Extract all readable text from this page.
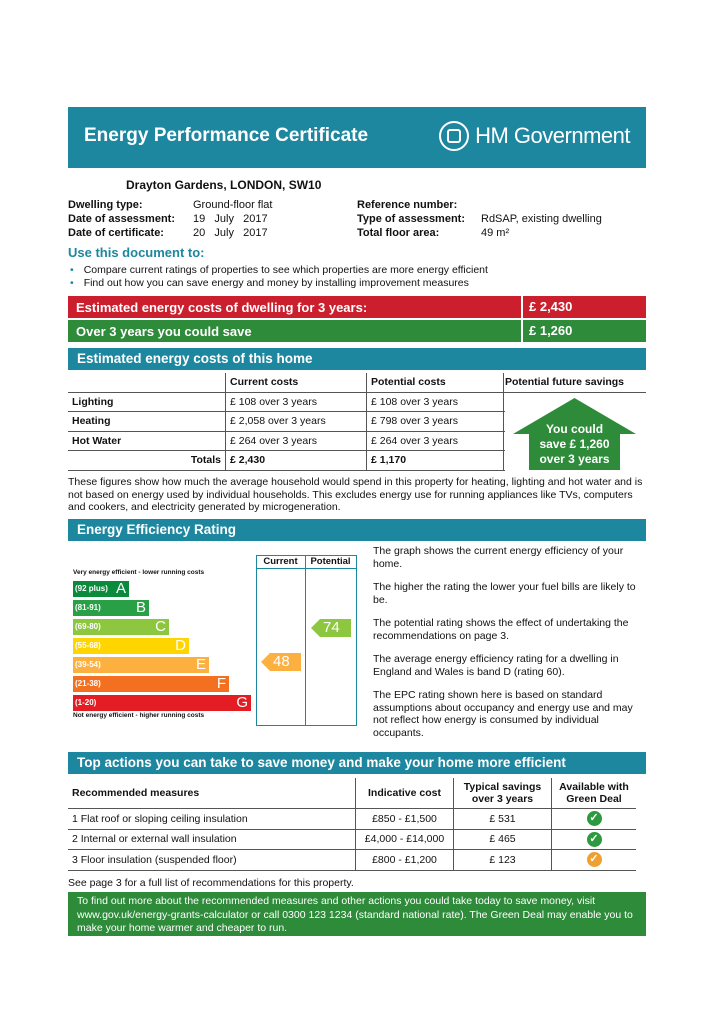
Energy Performance Certificate	HM Government
Drayton Gardens, LONDON, SW10
Dwelling type:	Ground-floor flat
Date of assessment:	19   July   2017
Date of certificate:	20   July   2017
Reference number:
Type of assessment:	RdSAP, existing dwelling
Total floor area:	49 m²
Use this document to:
• Compare current ratings of properties to see which properties are more energy efficient
• Find out how you can save energy and money by installing improvement measures
Estimated energy costs of dwelling for 3 years:	£ 2,430
Over 3 years you could save	£ 1,260
Estimated energy costs of this home
	Current costs	Potential costs
Lighting	£ 108 over 3 years	£ 108 over 3 years
Heating	£ 2,058 over 3 years	£ 798 over 3 years
Hot Water	£ 264 over 3 years	£ 264 over 3 years
Totals	£ 2,430	£ 1,170
Potential future savings
You could
save £ 1,260
over 3 years
These figures show how much the average household would spend in this property for heating, lighting and hot water and is not based on energy used by individual households. This excludes energy use for running appliances like TVs, computers and cookers, and electricity generated by microgeneration.
Energy Efficiency Rating
Current	Potential
Very energy efficient - lower running costs
Not energy efficient - higher running costs
(92 plus) A
(81-91) B
(69-80)	C
(55-68)	D
(39-54)	E
(21-38)	F
(1-20)	G
48
74
The graph shows the current energy efficiency of your home.
The higher the rating the lower your fuel bills are likely to be.
The potential rating shows the effect of undertaking the recommendations on page 3.
The average energy efficiency rating for a dwelling in England and Wales is band D (rating 60).
The EPC rating shown here is based on standard assumptions about occupancy and energy use and may not reflect how energy is consumed by individual occupants.
Top actions you can take to save money and make your home more efficient
Recommended measures	Indicative cost	Typical savings over 3 years	Available with Green Deal
1 Flat roof or sloping ceiling insulation	£850 - £1,500	£ 531	✓
2 Internal or external wall insulation	£4,000 - £14,000	£ 465	✓
3 Floor insulation (suspended floor)	£800 - £1,200	£ 123	✓
See page 3 for a full list of recommendations for this property.
To find out more about the recommended measures and other actions you could take today to save money, visit
www.gov.uk/energy-grants-calculator or call 0300 123 1234 (standard national rate). The Green Deal may enable you to
make your home warmer and cheaper to run.
